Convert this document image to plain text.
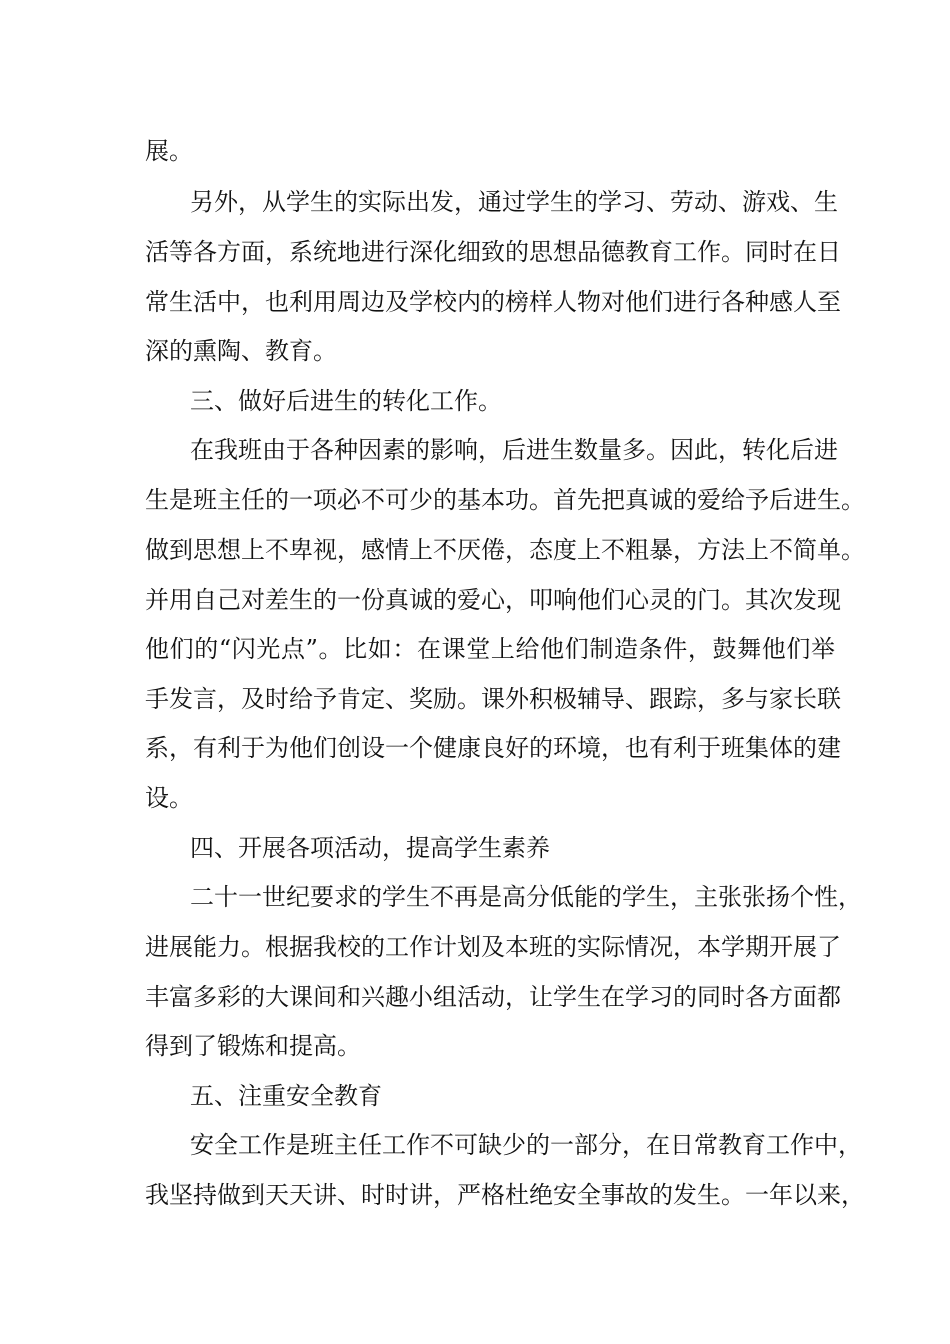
展。
另外，从学生的实际出发，通过学生的学习、劳动、游戏、生
活等各方面，系统地进行深化细致的思想品德教育工作。同时在日
常生活中，也利用周边及学校内的榜样人物对他们进行各种感人至
深的熏陶、教育。
三、做好后进生的转化工作。
在我班由于各种因素的影响，后进生数量多。因此，转化后进
生是班主任的一项必不可少的基本功。首先把真诚的爱给予后进生。
做到思想上不卑视，感情上不厌倦，态度上不粗暴，方法上不简单。
并用自己对差生的一份真诚的爱心，叩响他们心灵的门。其次发现
他们的“闪光点”。比如：在课堂上给他们制造条件，鼓舞他们举
手发言，及时给予肯定、奖励。课外积极辅导、跟踪，多与家长联
系，有利于为他们创设一个健康良好的环境，也有利于班集体的建
设。
四、开展各项活动，提高学生素养
二十一世纪要求的学生不再是高分低能的学生，主张张扬个性，
进展能力。根据我校的工作计划及本班的实际情况，本学期开展了
丰富多彩的大课间和兴趣小组活动，让学生在学习的同时各方面都
得到了锻炼和提高。
五、注重安全教育
安全工作是班主任工作不可缺少的一部分，在日常教育工作中，
我坚持做到天天讲、时时讲，严格杜绝安全事故的发生。一年以来，
